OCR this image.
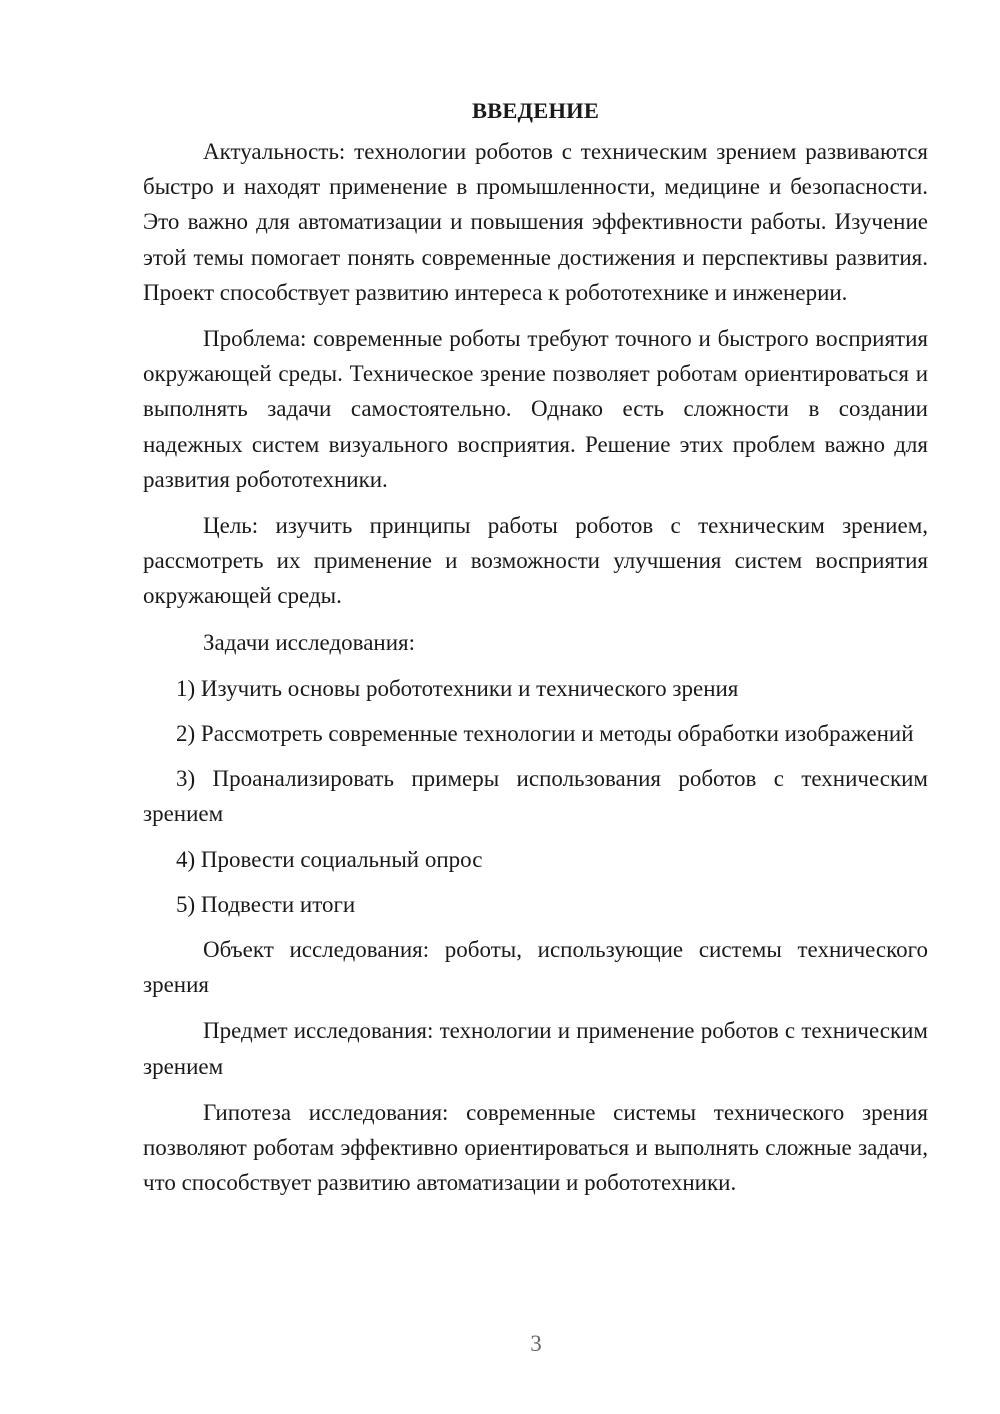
ВВЕДЕНИЕ

Актуальность: технологии роботов с техническим зрением развиваются быстро и находят применение в промышленности, медицине и безопасности. Это важно для автоматизации и повышения эффективности работы. Изучение этой темы помогает понять современные достижения и перспективы развития. Проект способствует развитию интереса к робототехнике и инженерии.

Проблема: современные роботы требуют точного и быстрого восприятия окружающей среды. Техническое зрение позволяет роботам ориентироваться и выполнять задачи самостоятельно. Однако есть сложности в создании надежных систем визуального восприятия. Решение этих проблем важно для развития робототехники.

Цель: изучить принципы работы роботов с техническим зрением, рассмотреть их применение и возможности улучшения систем восприятия окружающей среды.

Задачи исследования:

1) Изучить основы робототехники и технического зрения

2) Рассмотреть современные технологии и методы обработки изображений

3) Проанализировать примеры использования роботов с техническим зрением

4) Провести социальный опрос

5) Подвести итоги

Объект исследования: роботы, использующие системы технического зрения

Предмет исследования: технологии и применение роботов с техническим зрением

Гипотеза исследования: современные системы технического зрения позволяют роботам эффективно ориентироваться и выполнять сложные задачи, что способствует развитию автоматизации и робототехники.

3
